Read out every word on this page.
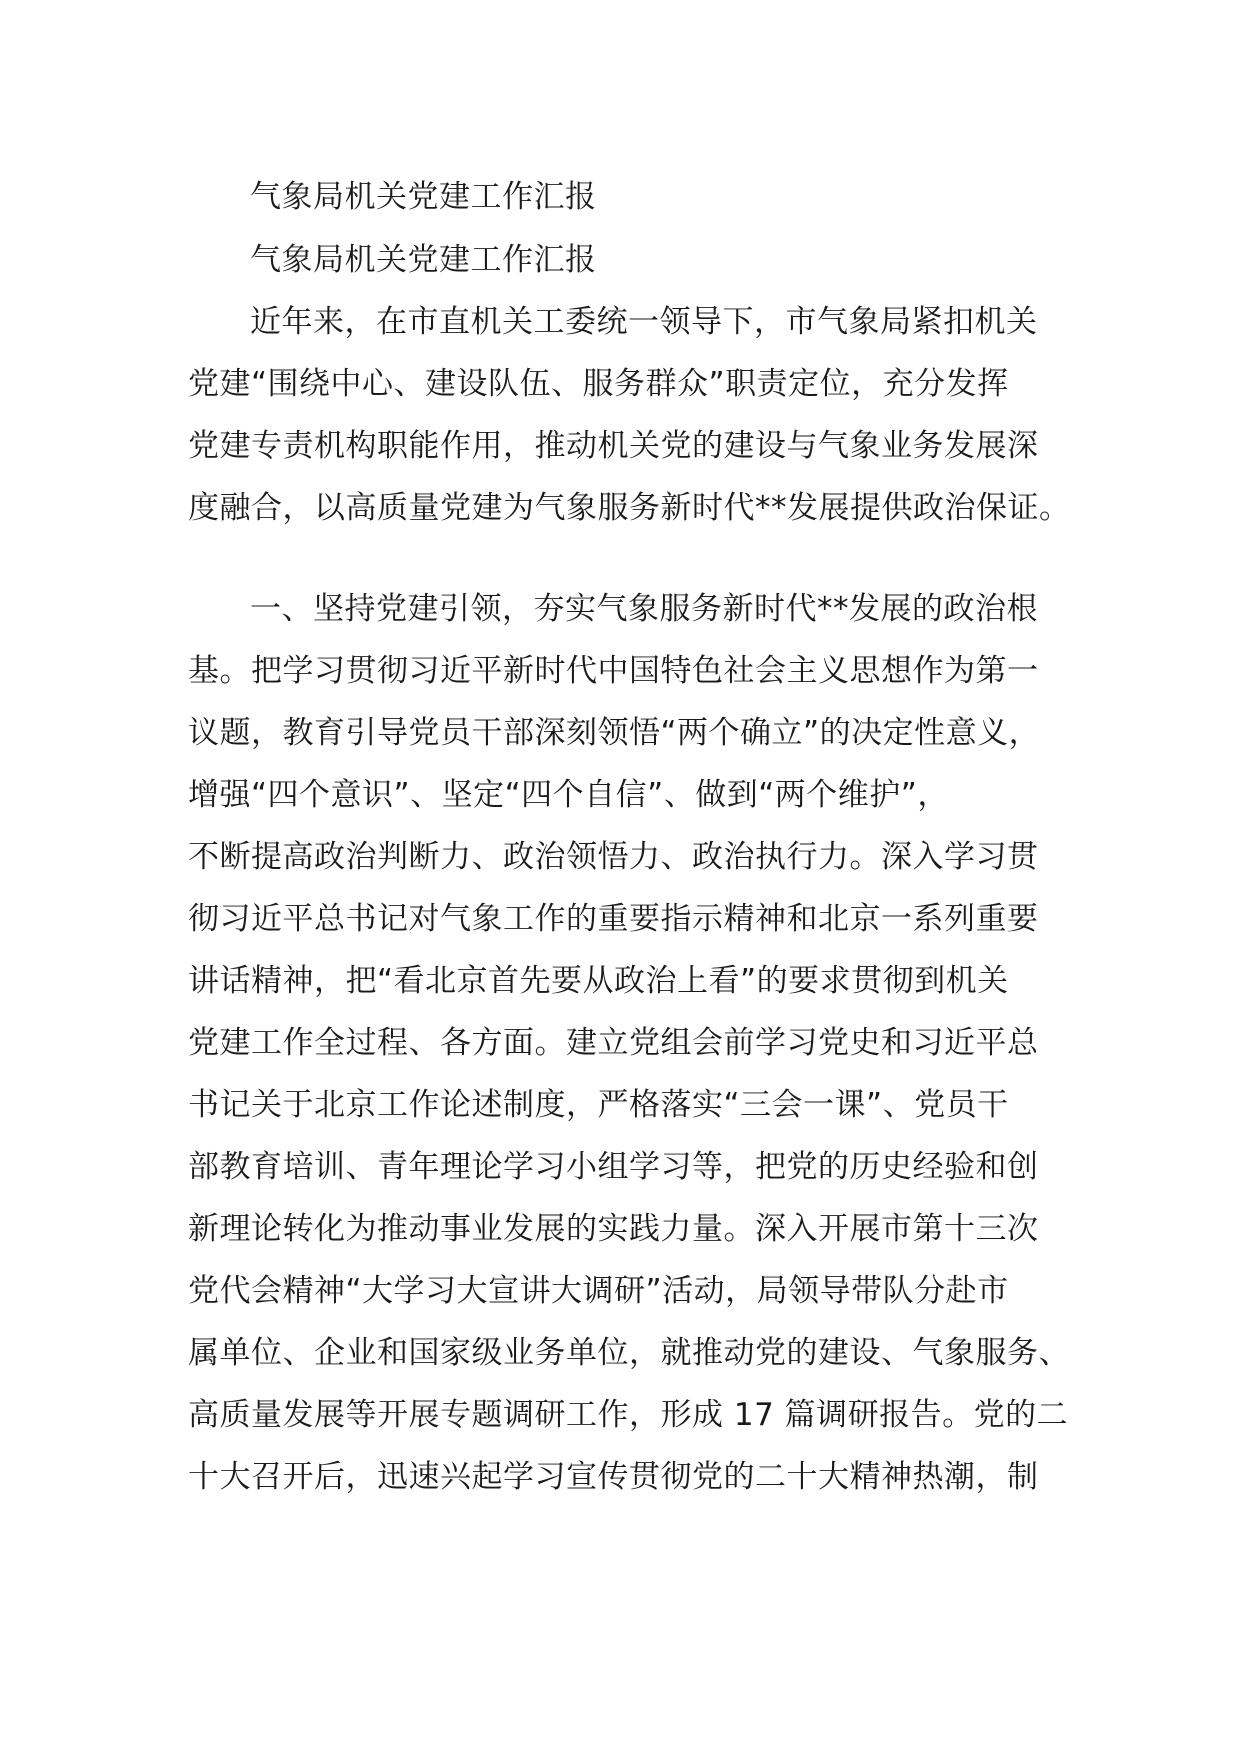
气象局机关党建工作汇报
气象局机关党建工作汇报
近年来，在市直机关工委统一领导下，市气象局紧扣机关
党建“围绕中心、建设队伍、服务群众”职责定位，充分发挥
党建专责机构职能作用，推动机关党的建设与气象业务发展深
度融合，以高质量党建为气象服务新时代**发展提供政治保证。
一、坚持党建引领，夯实气象服务新时代**发展的政治根
基。把学习贯彻习近平新时代中国特色社会主义思想作为第一
议题，教育引导党员干部深刻领悟“两个确立”的决定性意义，
增强“四个意识”、坚定“四个自信”、做到“两个维护”，
不断提高政治判断力、政治领悟力、政治执行力。深入学习贯
彻习近平总书记对气象工作的重要指示精神和北京一系列重要
讲话精神，把“看北京首先要从政治上看”的要求贯彻到机关
党建工作全过程、各方面。建立党组会前学习党史和习近平总
书记关于北京工作论述制度，严格落实“三会一课”、党员干
部教育培训、青年理论学习小组学习等，把党的历史经验和创
新理论转化为推动事业发展的实践力量。深入开展市第十三次
党代会精神“大学习大宣讲大调研”活动，局领导带队分赴市
属单位、企业和国家级业务单位，就推动党的建设、气象服务、
高质量发展等开展专题调研工作，形成 17 篇调研报告。党的二
十大召开后，迅速兴起学习宣传贯彻党的二十大精神热潮，制
